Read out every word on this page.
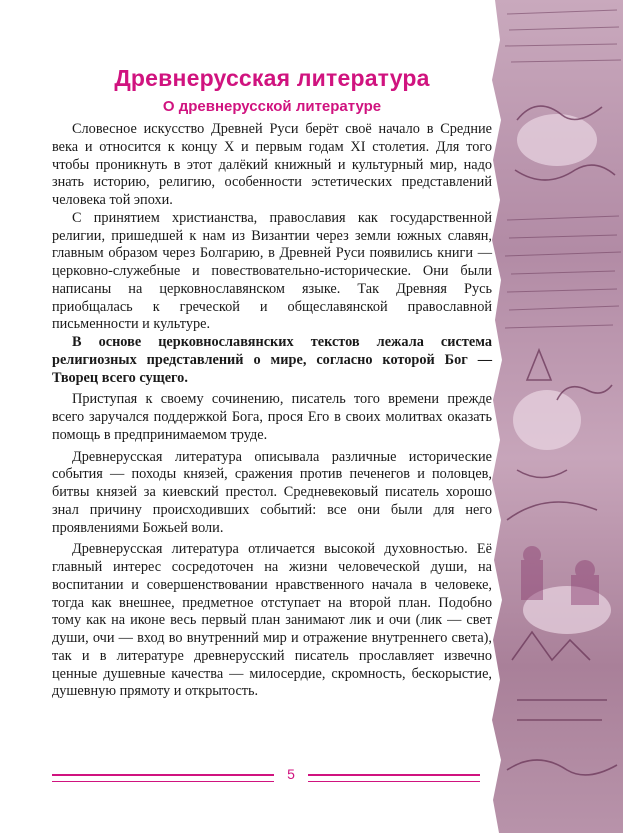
Древнерусская литература
О древнерусской литературе

Словесное искусство Древней Руси берёт своё начало в Средние века и относится к концу X и первым годам XI столетия. Для того чтобы проникнуть в этот далёкий книжный и культурный мир, надо знать историю, религию, особенности эстетических представлений человека той эпохи.

С принятием христианства, православия как государственной религии, пришедшей к нам из Византии через земли южных славян, главным образом через Болгарию, в Древней Руси появились книги — церковно-служебные и повествовательно-исторические. Они были написаны на церковнославянском языке. Так Древняя Русь приобщалась к греческой и общеславянской православной письменности и культуре.

В основе церковнославянских текстов лежала система религиозных представлений о мире, согласно которой Бог — Творец всего сущего.

Приступая к своему сочинению, писатель того времени прежде всего заручался поддержкой Бога, прося Его в своих молитвах оказать помощь в предпринимаемом труде.

Древнерусская литература описывала различные исторические события — походы князей, сражения против печенегов и половцев, битвы князей за киевский престол. Средневековый писатель хорошо знал причину происходивших событий: все они были для него проявлениями Божьей воли.

Древнерусская литература отличается высокой духовностью. Её главный интерес сосредоточен на жизни человеческой души, на воспитании и совершенствовании нравственного начала в человеке, тогда как внешнее, предметное отступает на второй план. Подобно тому как на иконе весь первый план занимают лик и очи (лик — свет души, очи — вход во внутренний мир и отражение внутреннего света), так и в литературе древнерусский писатель прославляет извечно ценные душевные качества — милосердие, скромность, бескорыстие, душевную прямоту и открытость.

5
